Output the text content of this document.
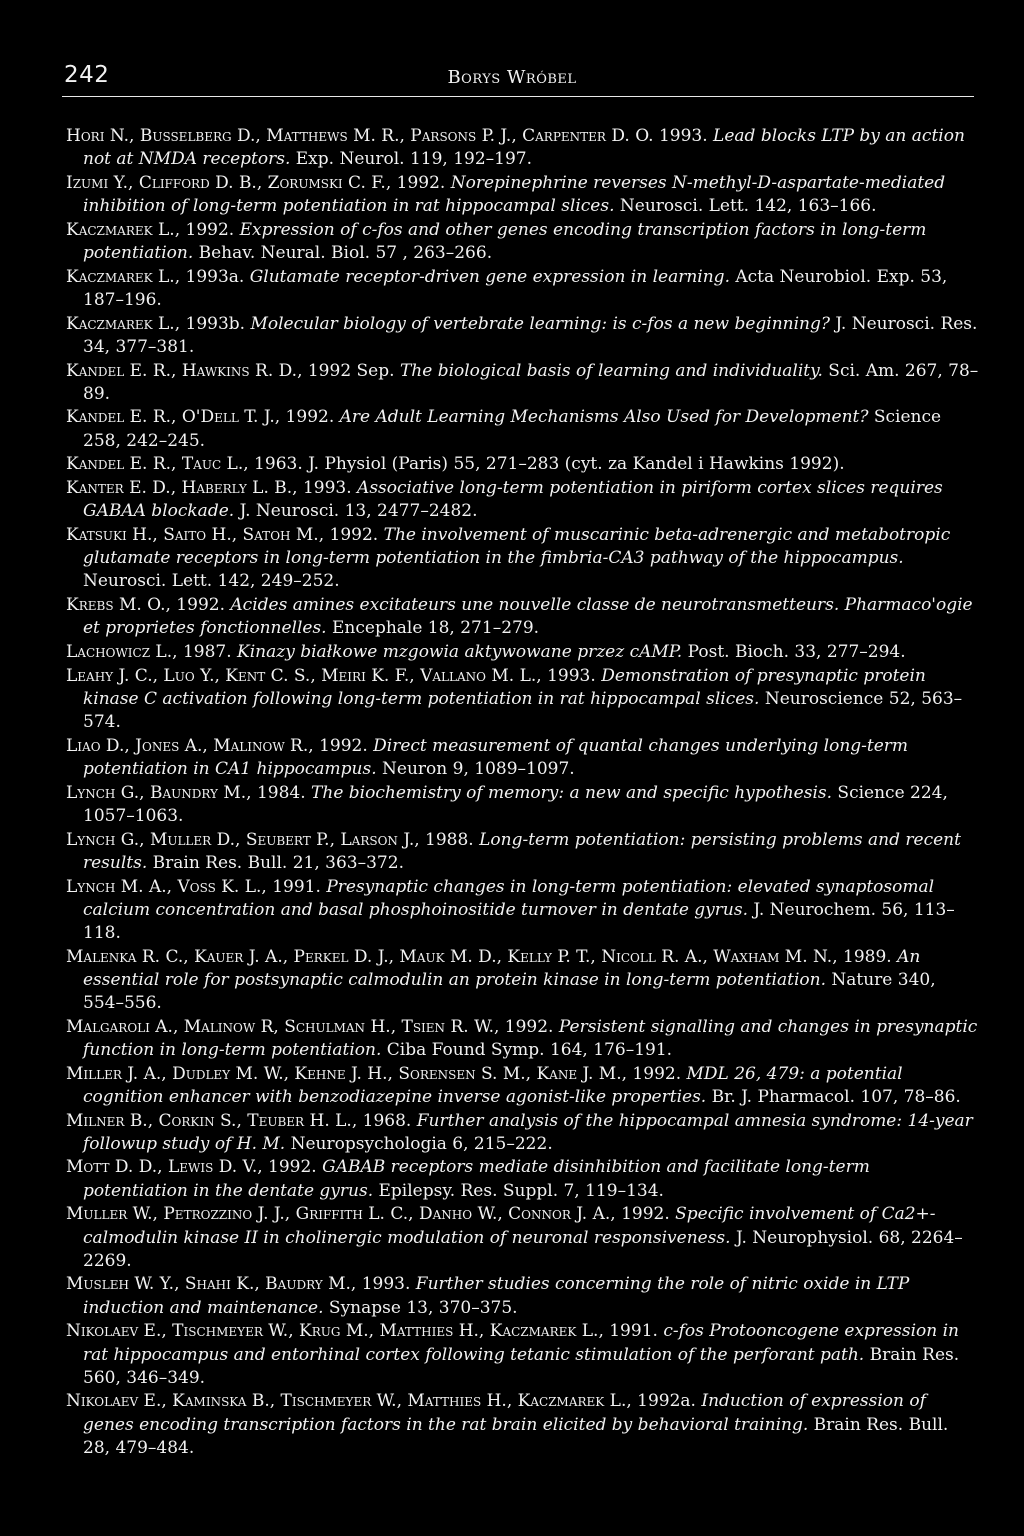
242	Borys Wróbel
Hori N., Busselberg D., Matthews M. R., Parsons P. J., Carpenter D. O. 1993. Lead blocks LTP by an action not at NMDA receptors. Exp. Neurol. 119, 192–197.
Izumi Y., Clifford D. B., Zorumski C. F., 1992. Norepinephrine reverses N-methyl-D-aspartate-mediated inhibition of long-term potentiation in rat hippocampal slices. Neurosci. Lett. 142, 163–166.
Kaczmarek L., 1992. Expression of c-fos and other genes encoding transcription factors in long-term potentiation. Behav. Neural. Biol. 57 , 263–266.
Kaczmarek L., 1993a. Glutamate receptor-driven gene expression in learning. Acta Neurobiol. Exp. 53, 187–196.
Kaczmarek L., 1993b. Molecular biology of vertebrate learning: is c-fos a new beginning? J. Neurosci. Res. 34, 377–381.
Kandel E. R., Hawkins R. D., 1992 Sep. The biological basis of learning and individuality. Sci. Am. 267, 78–89.
Kandel E. R., O'Dell T. J., 1992. Are Adult Learning Mechanisms Also Used for Development? Science 258, 242–245.
Kandel E. R., Tauc L., 1963. J. Physiol (Paris) 55, 271–283 (cyt. za Kandel i Hawkins 1992).
Kanter E. D., Haberly L. B., 1993. Associative long-term potentiation in piriform cortex slices requires GABAA blockade. J. Neurosci. 13, 2477–2482.
Katsuki H., Saito H., Satoh M., 1992. The involvement of muscarinic beta-adrenergic and metabotropic glutamate receptors in long-term potentiation in the fimbria-CA3 pathway of the hippocampus. Neurosci. Lett. 142, 249–252.
Krebs M. O., 1992. Acides amines excitateurs une nouvelle classe de neurotransmetteurs. Pharmaco'ogie et proprietes fonctionnelles. Encephale 18, 271–279.
Lachowicz L., 1987. Kinazy białkowe mzgowia aktywowane przez cAMP. Post. Bioch. 33, 277–294.
Leahy J. C., Luo Y., Kent C. S., Meiri K. F., Vallano M. L., 1993. Demonstration of presynaptic protein kinase C activation following long-term potentiation in rat hippocampal slices. Neuroscience 52, 563–574.
Liao D., Jones A., Malinow R., 1992. Direct measurement of quantal changes underlying long-term potentiation in CA1 hippocampus. Neuron 9, 1089–1097.
Lynch G., Baundry M., 1984. The biochemistry of memory: a new and specific hypothesis. Science 224, 1057–1063.
Lynch G., Muller D., Seubert P., Larson J., 1988. Long-term potentiation: persisting problems and recent results. Brain Res. Bull. 21, 363–372.
Lynch M. A., Voss K. L., 1991. Presynaptic changes in long-term potentiation: elevated synaptosomal calcium concentration and basal phosphoinositide turnover in dentate gyrus. J. Neurochem. 56, 113–118.
Malenka R. C., Kauer J. A., Perkel D. J., Mauk M. D., Kelly P. T., Nicoll R. A., Waxham M. N., 1989. An essential role for postsynaptic calmodulin an protein kinase in long-term potentiation. Nature 340, 554–556.
Malgaroli A., Malinow R, Schulman H., Tsien R. W., 1992. Persistent signalling and changes in presynaptic function in long-term potentiation. Ciba Found Symp. 164, 176–191.
Miller J. A., Dudley M. W., Kehne J. H., Sorensen S. M., Kane J. M., 1992. MDL 26, 479: a potential cognition enhancer with benzodiazepine inverse agonist-like properties. Br. J. Pharmacol. 107, 78–86.
Milner B., Corkin S., Teuber H. L., 1968. Further analysis of the hippocampal amnesia syndrome: 14-year followup study of H. M. Neuropsychologia 6, 215–222.
Mott D. D., Lewis D. V., 1992. GABAB receptors mediate disinhibition and facilitate long-term potentiation in the dentate gyrus. Epilepsy. Res. Suppl. 7, 119–134.
Muller W., Petrozzino J. J., Griffith L. C., Danho W., Connor J. A., 1992. Specific involvement of Ca2+-calmodulin kinase II in cholinergic modulation of neuronal responsiveness. J. Neurophysiol. 68, 2264–2269.
Musleh W. Y., Shahi K., Baudry M., 1993. Further studies concerning the role of nitric oxide in LTP induction and maintenance. Synapse 13, 370–375.
Nikolaev E., Tischmeyer W., Krug M., Matthies H., Kaczmarek L., 1991. c-fos Protooncogene expression in rat hippocampus and entorhinal cortex following tetanic stimulation of the perforant path. Brain Res. 560, 346–349.
Nikolaev E., Kaminska B., Tischmeyer W., Matthies H., Kaczmarek L., 1992a. Induction of expression of genes encoding transcription factors in the rat brain elicited by behavioral training. Brain Res. Bull. 28, 479–484.
